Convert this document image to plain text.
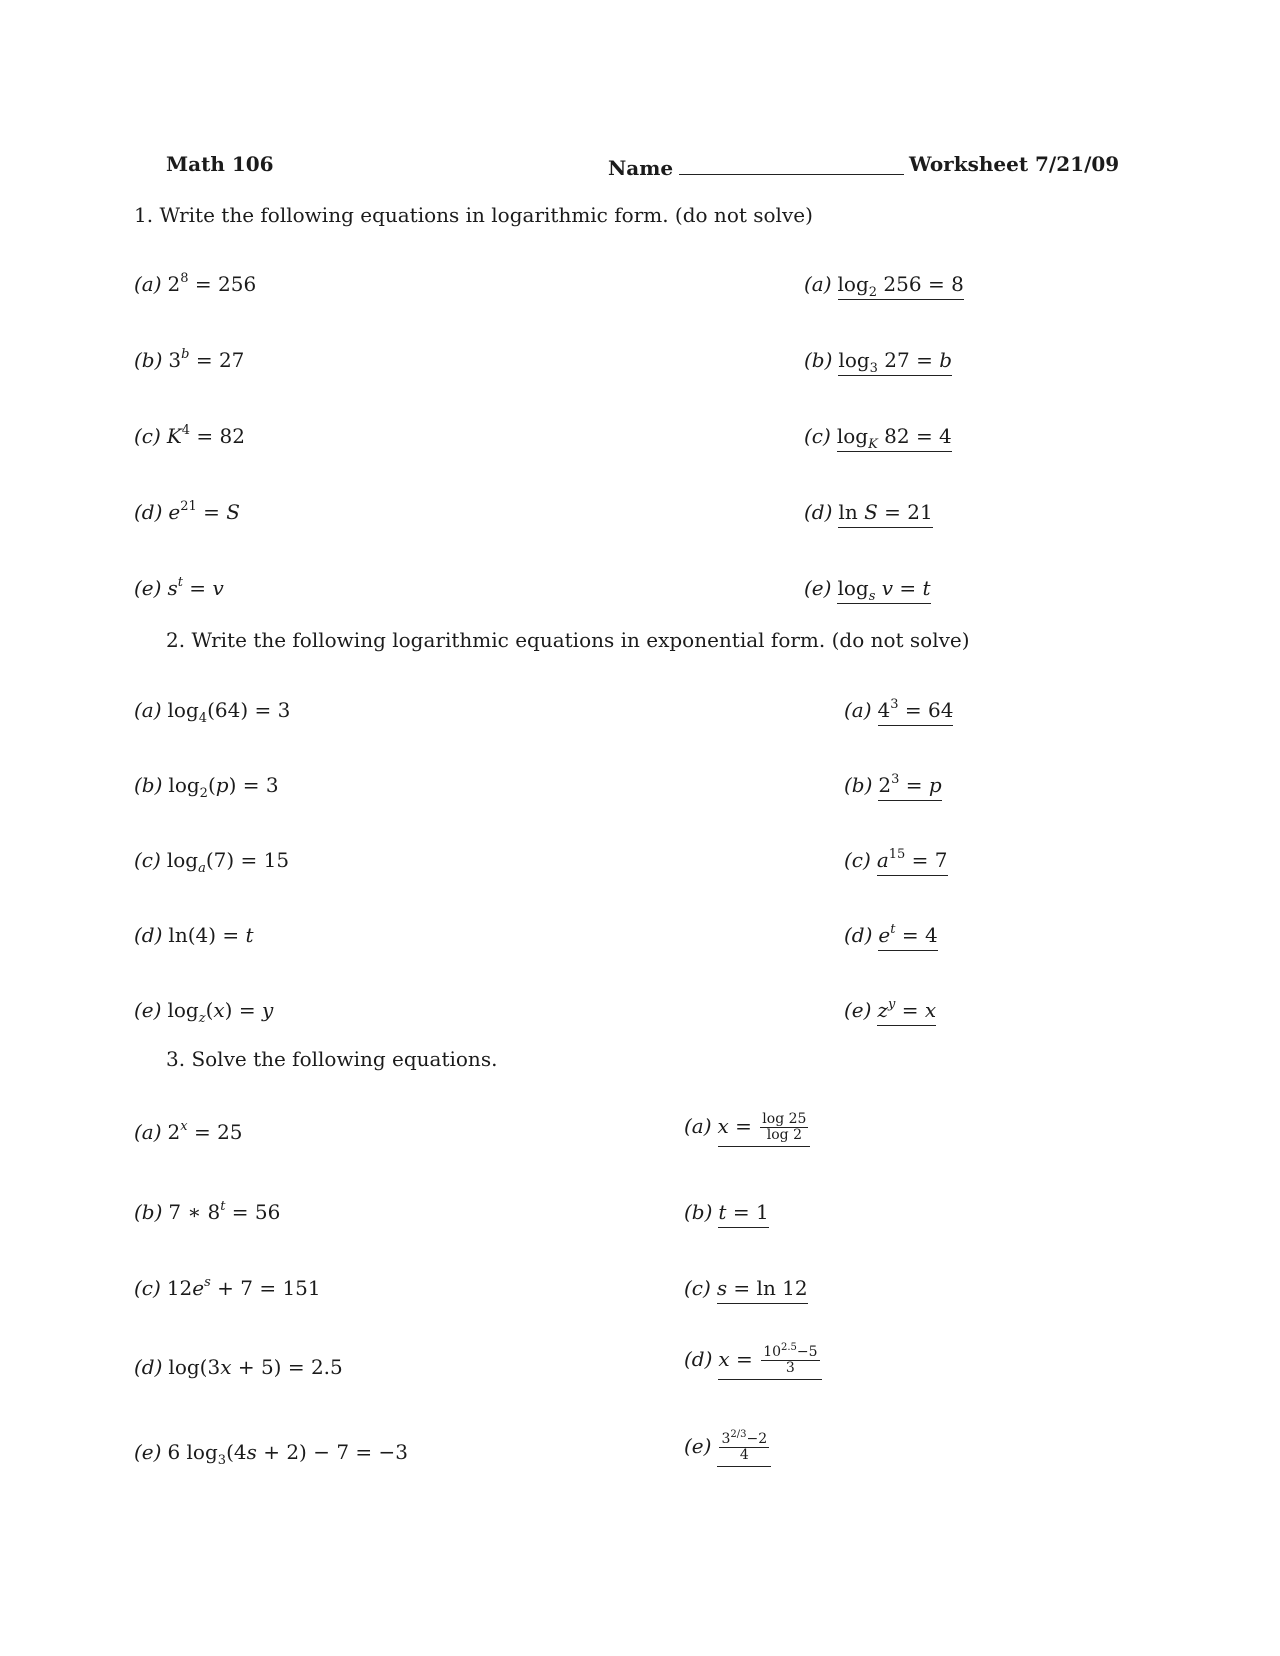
Math 106	Name	Worksheet 7/21/09
1. Write the following equations in logarithmic form. (do not solve)
(a) $2^8 = 256$	(a) $\log_2 256 = 8$
(b) $3^b = 27$	(b) $\log_3 27 = b$
(c) $K^4 = 82$	(c) $\log_K 82 = 4$
(d) $e^{21} = S$	(d) ln S = 21
(e) $s^t = v$	(e) $\log_s v = t$
2. Write the following logarithmic equations in exponential form. (do not solve)
(a) $\log_4(64) = 3$	(a) $4^3 = 64$
(b) $\log_2(p) = 3$	(b) $2^3 = p$
(c) $\log_a(7) = 15$	(c) $a^{15} = 7$
(d) ln(4) = t	(d) $e^t = 4$
(e) $\log_z(x) = y$	(e) $z^y = x$
3. Solve the following equations.
(a) $2^x = 25$	(a) $x = \frac{\log 25}{\log 2}$
(b) 7 ∗ $8^t = 56$	(b) t = 1
(c) $12e^s + 7 = 151$	(c) s = ln 12
(d) log(3x + 5) = 2.5	(d) $x = \frac{10^{2.5}-5}{3}$
(e) 6 $\log_3(4s + 2) - 7 = -3$	$(e) \frac{3^{2/3}-2}{4}$
